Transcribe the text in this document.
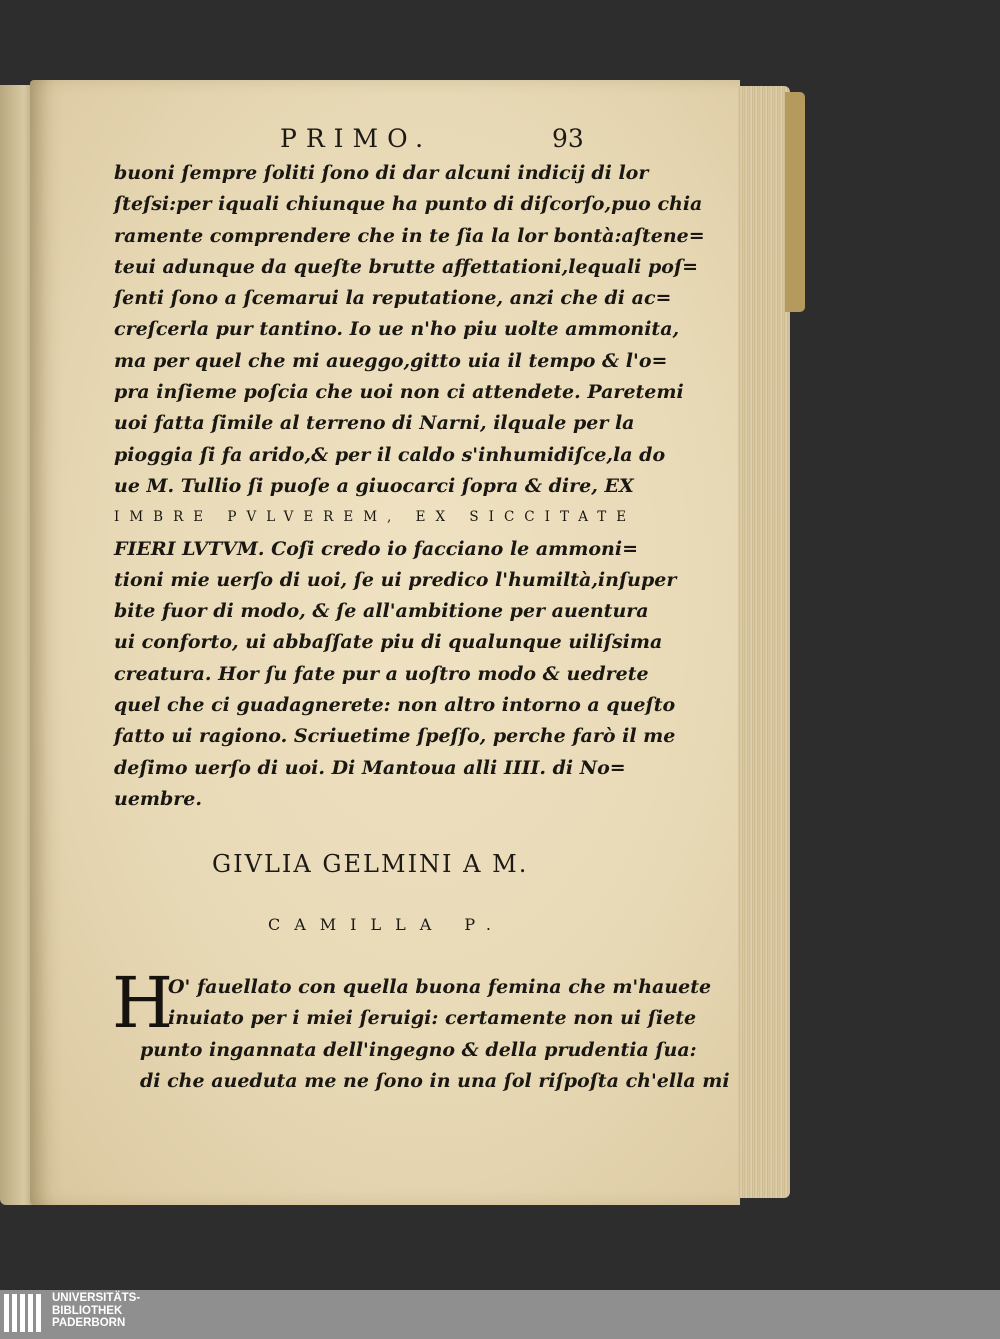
PRIMO.	93
buoni ſempre ſoliti ſono di dar alcuni indicij di lor
ſteſsi:per iquali chiunque ha punto di diſcorſo,puo chia
ramente comprendere che in te ſia la lor bontà:aſtene=
teui adunque da queſte brutte affettationi,lequali poſ=
ſenti ſono a ſcemarui la reputatione, anzi che di ac=
creſcerla pur tantino. Io ue n'ho piu uolte ammonita,
ma per quel che mi aueggo,gitto uia il tempo & l'o=
pra inſieme poſcia che uoi non ci attendete. Paretemi
uoi fatta ſimile al terreno di Narni, ilquale per la
pioggia ſi fa arido,& per il caldo s'inhumidiſce,la do
ue M. Tullio ſi puoſe a giuocarci ſopra & dire, EX
IMBRE PVLVEREM, EX SICCITATE
FIERI LVTVM. Coſi credo io facciano le ammoni=
tioni mie uerſo di uoi, ſe ui predico l'humiltà,inſuper
bite fuor di modo, & ſe all'ambitione per auentura
ui conforto, ui abbaſſate piu di qualunque uiliſsima
creatura. Hor ſu fate pur a uoſtro modo & uedrete
quel che ci guadagnerete: non altro intorno a queſto
fatto ui ragiono. Scriuetime ſpeſſo, perche farò il me
deſimo uerſo di uoi. Di Mantoua alli IIII. di No=
uembre.
GIVLIA GELMINI A M.
CAMILLA P.
H
O' fauellato con quella buona femina che m'hauete
inuiato per i miei ſeruigi: certamente non ui ſiete
punto ingannata dell'ingegno & della prudentia ſua:
di che aueduta me ne ſono in una ſol riſpoſta ch'ella mi
UNIVERSITÄTS-
BIBLIOTHEK
PADERBORN
